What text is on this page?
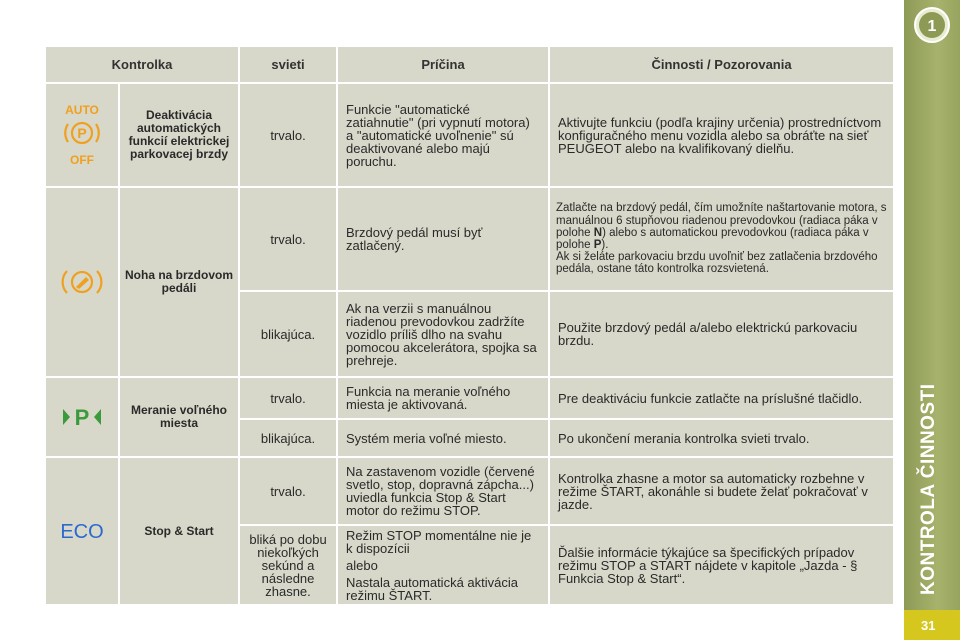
Kontrolka		svieti	Príčina	Činnosti / Pozorovania

AUTO
P
OFF	Deaktivácia automatických funkcií elektrickej parkovacej brzdy	trvalo.	Funkcie "automatické zatiahnutie" (pri vypnutí motora) a "automatické uvoľnenie" sú deaktivované alebo majú poruchu.	Aktivujte funkciu (podľa krajiny určenia) prostredníctvom konfiguračného menu vozidla alebo sa obráťte na sieť PEUGEOT alebo na kvalifikovaný dielňu.
	Noha na brzdovom pedáli	trvalo.	Brzdový pedál musí byť zatlačený.	Zatlačte na brzdový pedál, čím umožníte naštartovanie motora, s manuálnou 6 stupňovou riadenou prevodovkou (radiaca páka v polohe N) alebo s automatickou prevodovkou (radiaca páka v polohe P).
Ak si želáte parkovaciu brzdu uvoľniť bez zatlačenia brzdového pedála, ostane táto kontrolka rozsvietená.
		blikajúca.	Ak na verzii s manuálnou riadenou prevodovkou zadržíte vozidlo príliš dlho na svahu pomocou akcelerátora, spojka sa prehreje.	Použite brzdový pedál a/alebo elektrickú parkovaciu brzdu.

P	Meranie voľného miesta	trvalo.	Funkcia na meranie voľného miesta je aktivovaná.	Pre deaktiváciu funkcie zatlačte na príslušné tlačidlo.
		blikajúca.	Systém meria voľné miesto.	Po ukončení merania kontrolka svieti trvalo.

ECO	Stop & Start	trvalo.	Na zastavenom vozidle (červené svetlo, stop, dopravná zápcha...) uviedla funkcia Stop & Start motor do režimu STOP.	Kontrolka zhasne a motor sa automaticky rozbehne v režime ŠTART, akonáhle si budete želať pokračovať v jazde.
		bliká po dobu niekoľkých sekúnd a následne zhasne.	Režim STOP momentálne nie je k dispozícii

alebo

Nastala automatická aktivácia režimu ŠTART.	Ďalšie informácie týkajúce sa špecifických prípadov režimu STOP a START nájdete v kapitole „Jazda - § Funkcia Stop & Start“.
1
KONTROLA ČINNOSTI
31
carmanualsonline.info
